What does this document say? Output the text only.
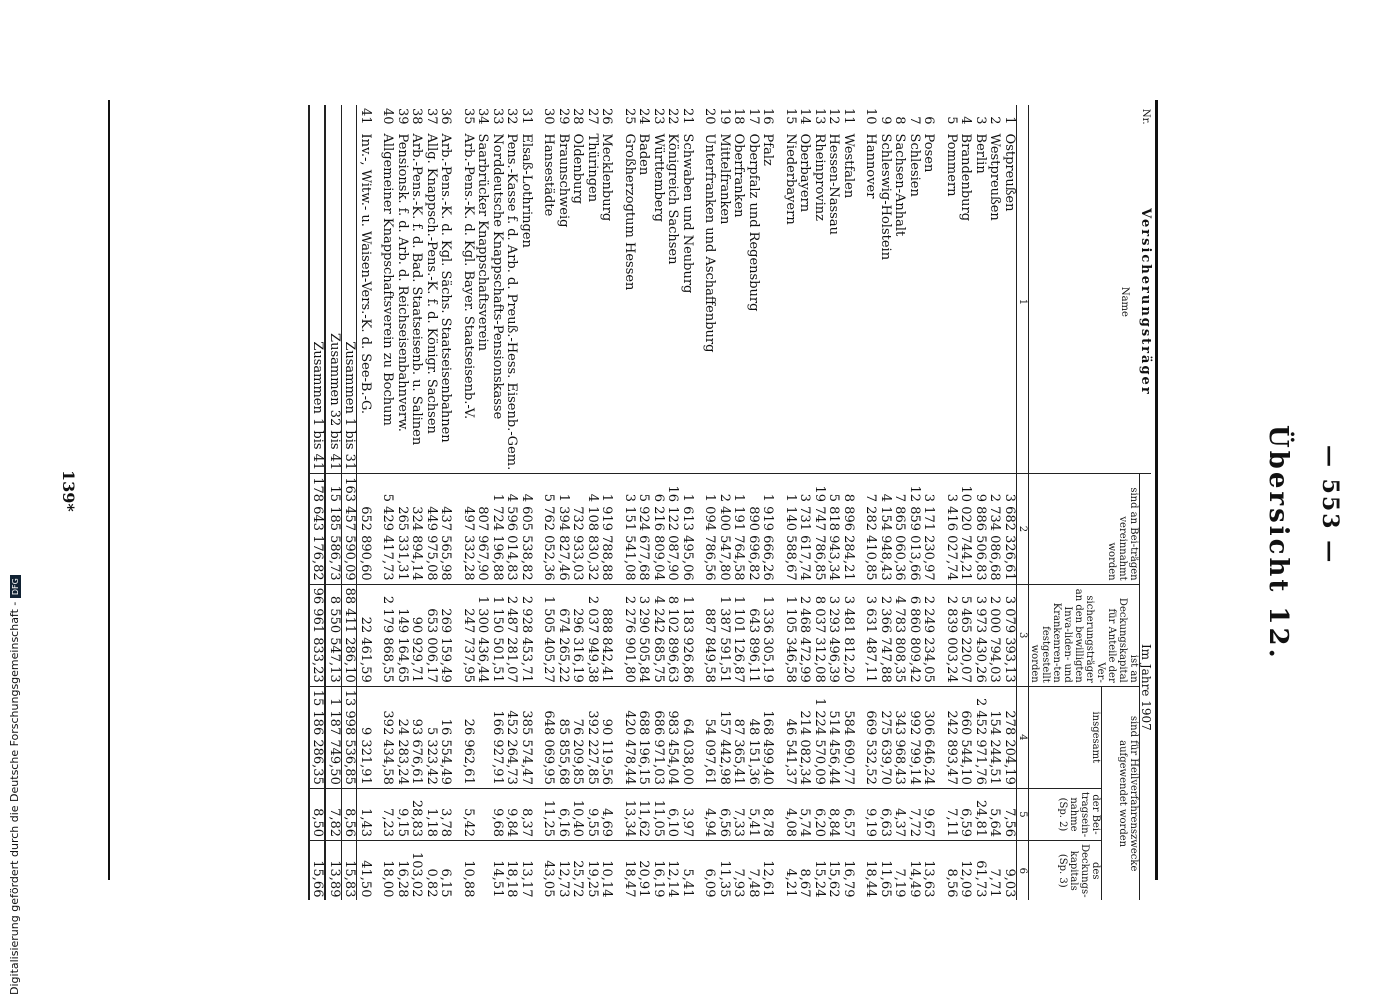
— 553 —
Übersicht 12.
Nr.	Versicherungsträger
Name	Im Jahre 1907				
		sind an Bei-trägen vereinnahmt worden	ist an Deckungskapital für Anteile der Ver-sicherungsträger an den bewilligten Inva-liden- und Krankenren-ten festgestellt worden	sind für Heilverfahrenszwecke aufgewendet worden		
				insgesamt	der Bei-tragsein-nahme (Sp. 2)	des Deckungs-kapitals (Sp. 3)
	1	2	3	4	5	6
1	Ostpreußen	3 682 326,61	3 079 393,13	278 204,19	7,56	9,03
2	Westpreußen	2 734 086,68	2 000 794,03	154 244,51	5,64	7,71
3	Berlin	9 886 506,83	3 973 430,26	2 452 971,76	24,81	61,73
4	Brandenburg	10 020 744,21	5 465 220,07	660 544,10	6,59	12,09
5	Pommern	3 416 027,74	2 839 003,24	242 893,47	7,11	8,56

6	Posen	3 171 230,97	2 249 234,05	306 646,24	9,67	13,63
7	Schlesien	12 859 013,66	6 860 809,42	992 799,14	7,72	14,49
8	Sachsen-Anhalt	7 865 060,36	4 783 808,35	343 968,43	4,37	7,19
9	Schleswig-Holstein	4 154 948,43	2 366 747,88	275 639,70	6,63	11,65
10	Hannover	7 282 410,85	3 631 487,11	669 532,52	9,19	18,44

11	Westfalen	8 896 284,21	3 481 812,20	584 690,77	6,57	16,79
12	Hessen-Nassau	5 818 943,34	3 293 496,39	514 456,44	8,84	15,62
13	Rheinprovinz	19 747 786,85	8 037 312,08	1 224 570,09	6,20	15,24
14	Oberbayern	3 731 617,74	2 468 472,99	214 082,34	5,74	8,67
15	Niederbayern	1 140 588,67	1 105 346,58	46 541,37	4,08	4,21

16	Pfalz	1 919 666,26	1 336 305,19	168 499,40	8,78	12,61
17	Oberpfalz und Regensburg	890 696,82	643 896,11	48 151,36	5,41	7,48
18	Oberfranken	1 191 764,58	1 101 126,87	87 365,41	7,33	7,93
19	Mittelfranken	2 400 547,80	1 387 591,51	157 442,98	6,56	11,35
20	Unterfranken und Aschaffenburg	1 094 786,56	887 849,58	54 097,61	4,94	6,09

21	Schwaben und Neuburg	1 613 495,06	1 183 926,86	64 038,00	3,97	5,41
22	Königreich Sachsen	16 122 087,90	8 102 896,63	983 454,04	6,10	12,14
23	Württemberg	6 216 809,04	4 242 685,75	686 971,03	11,05	16,19
24	Baden	5 924 677,68	3 290 505,84	688 196,15	11,62	20,91
25	Großherzogtum Hessen	3 151 541,08	2 276 901,80	420 478,44	13,34	18,47

26	Mecklenburg	1 919 788,88	888 842,41	90 119,56	4,69	10,14
27	Thüringen	4 108 830,32	2 037 949,38	392 227,85	9,55	19,25
28	Oldenburg	732 933,03	296 316,19	76 209,85	10,40	25,72
29	Braunschweig	1 394 827,46	674 265,22	85 855,68	6,16	12,73
30	Hansestädte	5 762 052,36	1 505 405,27	648 069,95	11,25	43,05

31	Elsaß-Lothringen	4 605 538,82	2 928 453,71	385 574,47	8,37	13,17
32	Pens.-Kasse f. d. Arb. d. Preuß.-Hess. Eisenb.-Gem.	4 596 014,83	2 487 281,07	452 264,73	9,84	18,18
33	Norddeutsche Knappschafts-Pensionskasse	1 724 196,88	1 150 501,51	166 927,91	9,68	14,51
34	Saarbrücker Knappschaftsverein	807 967,90	1 300 436,44			
35	Arb.-Pens.-K. d. Kgl. Bayer. Staatseisenb.-V.	497 332,28	247 737,95	26 962,61	5,42	10,88

36	Arb.-Pens.-K. d. Kgl. Sächs. Staatseisenbahnen	437 565,98	269 159,49	16 554,49	3,78	6,15
37	Allg. Knappsch.-Pens.-K. f. d. Königr. Sachsen	449 975,08	653 006,17	5 323,42	1,18	0,82
38	Arb.-Pens.-K. f. d. Bad. Staatseisenb. u. Salinen	324 894,14	90 929,71	93 676,61	28,83	103,02
39	Pensionsk. f. d. Arb. d. Reichseisenbahnverw.	265 331,31	149 164,65	24 283,24	9,15	16,28
40	Allgemeiner Knappschaftsverein zu Bochum	5 429 417,73	2 179 868,55	392 434,58	7,23	18,00

41	Inv.-, Witw.- u. Waisen-Vers.-K. d. See-B.-G.	652 890,60	22 461,59	9 321,91	1,43	41,50
	Zusammen 1 bis 31	163 457 590,09	88 411 286,10	13 998 536,85	8,56	15,83
	Zusammen 32 bis 41	15 185 586,73	8 550 547,13	1 187 749,50	7,82	13,89
	Zusammen 1 bis 41	178 643 176,82	96 961 833,23	15 186 286,35	8,50	15,66
139*
Digitalisierung gefördert durch die Deutsche Forschungsgemeinschaft - DFG
